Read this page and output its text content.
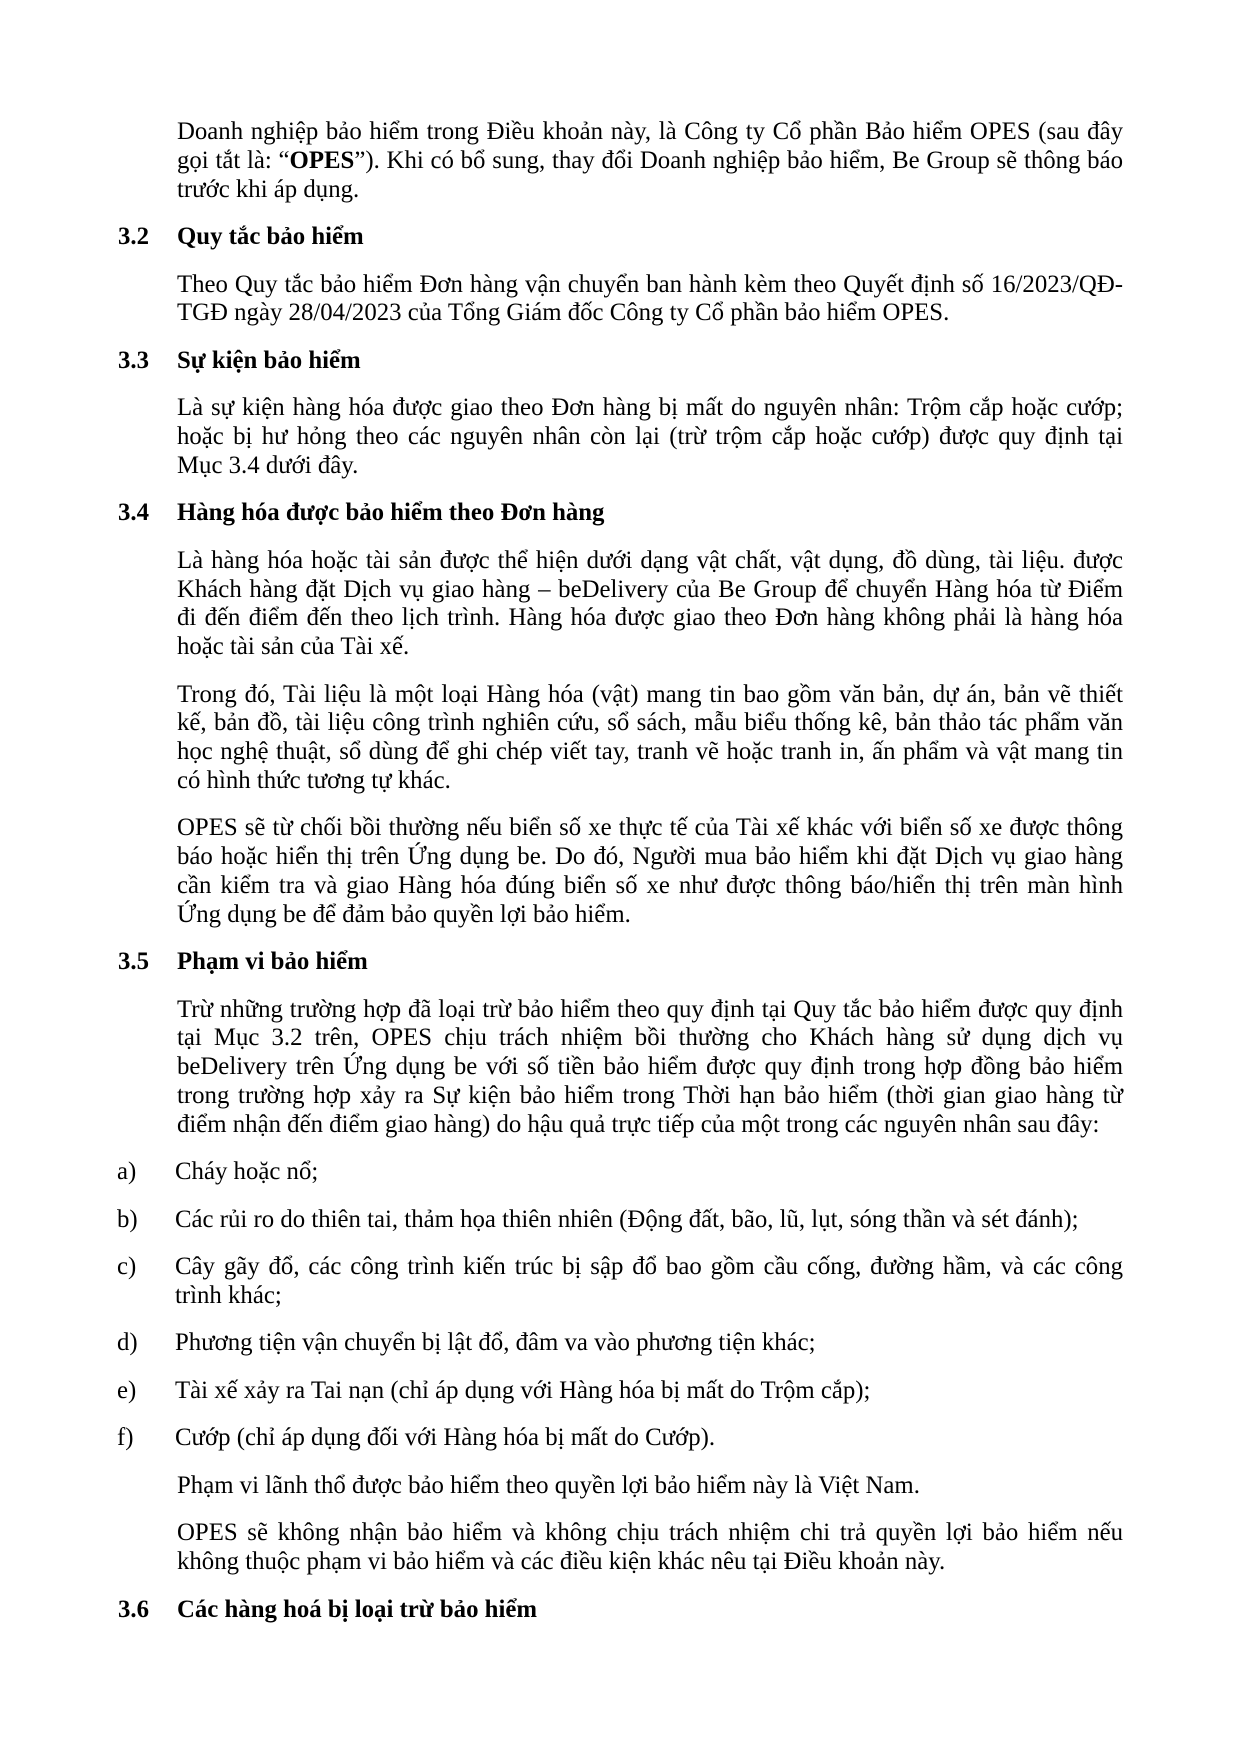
Doanh nghiệp bảo hiểm trong Điều khoản này, là Công ty Cổ phần Bảo hiểm OPES (sau đây
gọi tắt là: “OPES”). Khi có bổ sung, thay đổi Doanh nghiệp bảo hiểm, Be Group sẽ thông báo
trước khi áp dụng.
3.2 Quy tắc bảo hiểm
Theo Quy tắc bảo hiểm Đơn hàng vận chuyển ban hành kèm theo Quyết định số 16/2023/QĐ-
TGĐ ngày 28/04/2023 của Tổng Giám đốc Công ty Cổ phần bảo hiểm OPES.
3.3 Sự kiện bảo hiểm
Là sự kiện hàng hóa được giao theo Đơn hàng bị mất do nguyên nhân: Trộm cắp hoặc cướp;
hoặc bị hư hỏng theo các nguyên nhân còn lại (trừ trộm cắp hoặc cướp) được quy định tại
Mục 3.4 dưới đây.
3.4 Hàng hóa được bảo hiểm theo Đơn hàng
Là hàng hóa hoặc tài sản được thể hiện dưới dạng vật chất, vật dụng, đồ dùng, tài liệu. được
Khách hàng đặt Dịch vụ giao hàng – beDelivery của Be Group để chuyển Hàng hóa từ Điểm
đi đến điểm đến theo lịch trình. Hàng hóa được giao theo Đơn hàng không phải là hàng hóa
hoặc tài sản của Tài xế.
Trong đó, Tài liệu là một loại Hàng hóa (vật) mang tin bao gồm văn bản, dự án, bản vẽ thiết
kế, bản đồ, tài liệu công trình nghiên cứu, sổ sách, mẫu biểu thống kê, bản thảo tác phẩm văn
học nghệ thuật, sổ dùng để ghi chép viết tay, tranh vẽ hoặc tranh in, ấn phẩm và vật mang tin
có hình thức tương tự khác.
OPES sẽ từ chối bồi thường nếu biển số xe thực tế của Tài xế khác với biển số xe được thông
báo hoặc hiển thị trên Ứng dụng be. Do đó, Người mua bảo hiểm khi đặt Dịch vụ giao hàng
cần kiểm tra và giao Hàng hóa đúng biển số xe như được thông báo/hiển thị trên màn hình
Ứng dụng be để đảm bảo quyền lợi bảo hiểm.
3.5 Phạm vi bảo hiểm
Trừ những trường hợp đã loại trừ bảo hiểm theo quy định tại Quy tắc bảo hiểm được quy định
tại Mục 3.2 trên, OPES chịu trách nhiệm bồi thường cho Khách hàng sử dụng dịch vụ
beDelivery trên Ứng dụng be với số tiền bảo hiểm được quy định trong hợp đồng bảo hiểm
trong trường hợp xảy ra Sự kiện bảo hiểm trong Thời hạn bảo hiểm (thời gian giao hàng từ
điểm nhận đến điểm giao hàng) do hậu quả trực tiếp của một trong các nguyên nhân sau đây:
a) Cháy hoặc nổ;
b) Các rủi ro do thiên tai, thảm họa thiên nhiên (Động đất, bão, lũ, lụt, sóng thần và sét đánh);
c) Cây gãy đổ, các công trình kiến trúc bị sập đổ bao gồm cầu cống, đường hầm, và các công
trình khác;
d) Phương tiện vận chuyển bị lật đổ, đâm va vào phương tiện khác;
e) Tài xế xảy ra Tai nạn (chỉ áp dụng với Hàng hóa bị mất do Trộm cắp);
f) Cướp (chỉ áp dụng đối với Hàng hóa bị mất do Cướp).
Phạm vi lãnh thổ được bảo hiểm theo quyền lợi bảo hiểm này là Việt Nam.
OPES sẽ không nhận bảo hiểm và không chịu trách nhiệm chi trả quyền lợi bảo hiểm nếu
không thuộc phạm vi bảo hiểm và các điều kiện khác nêu tại Điều khoản này.
3.6 Các hàng hoá bị loại trừ bảo hiểm
